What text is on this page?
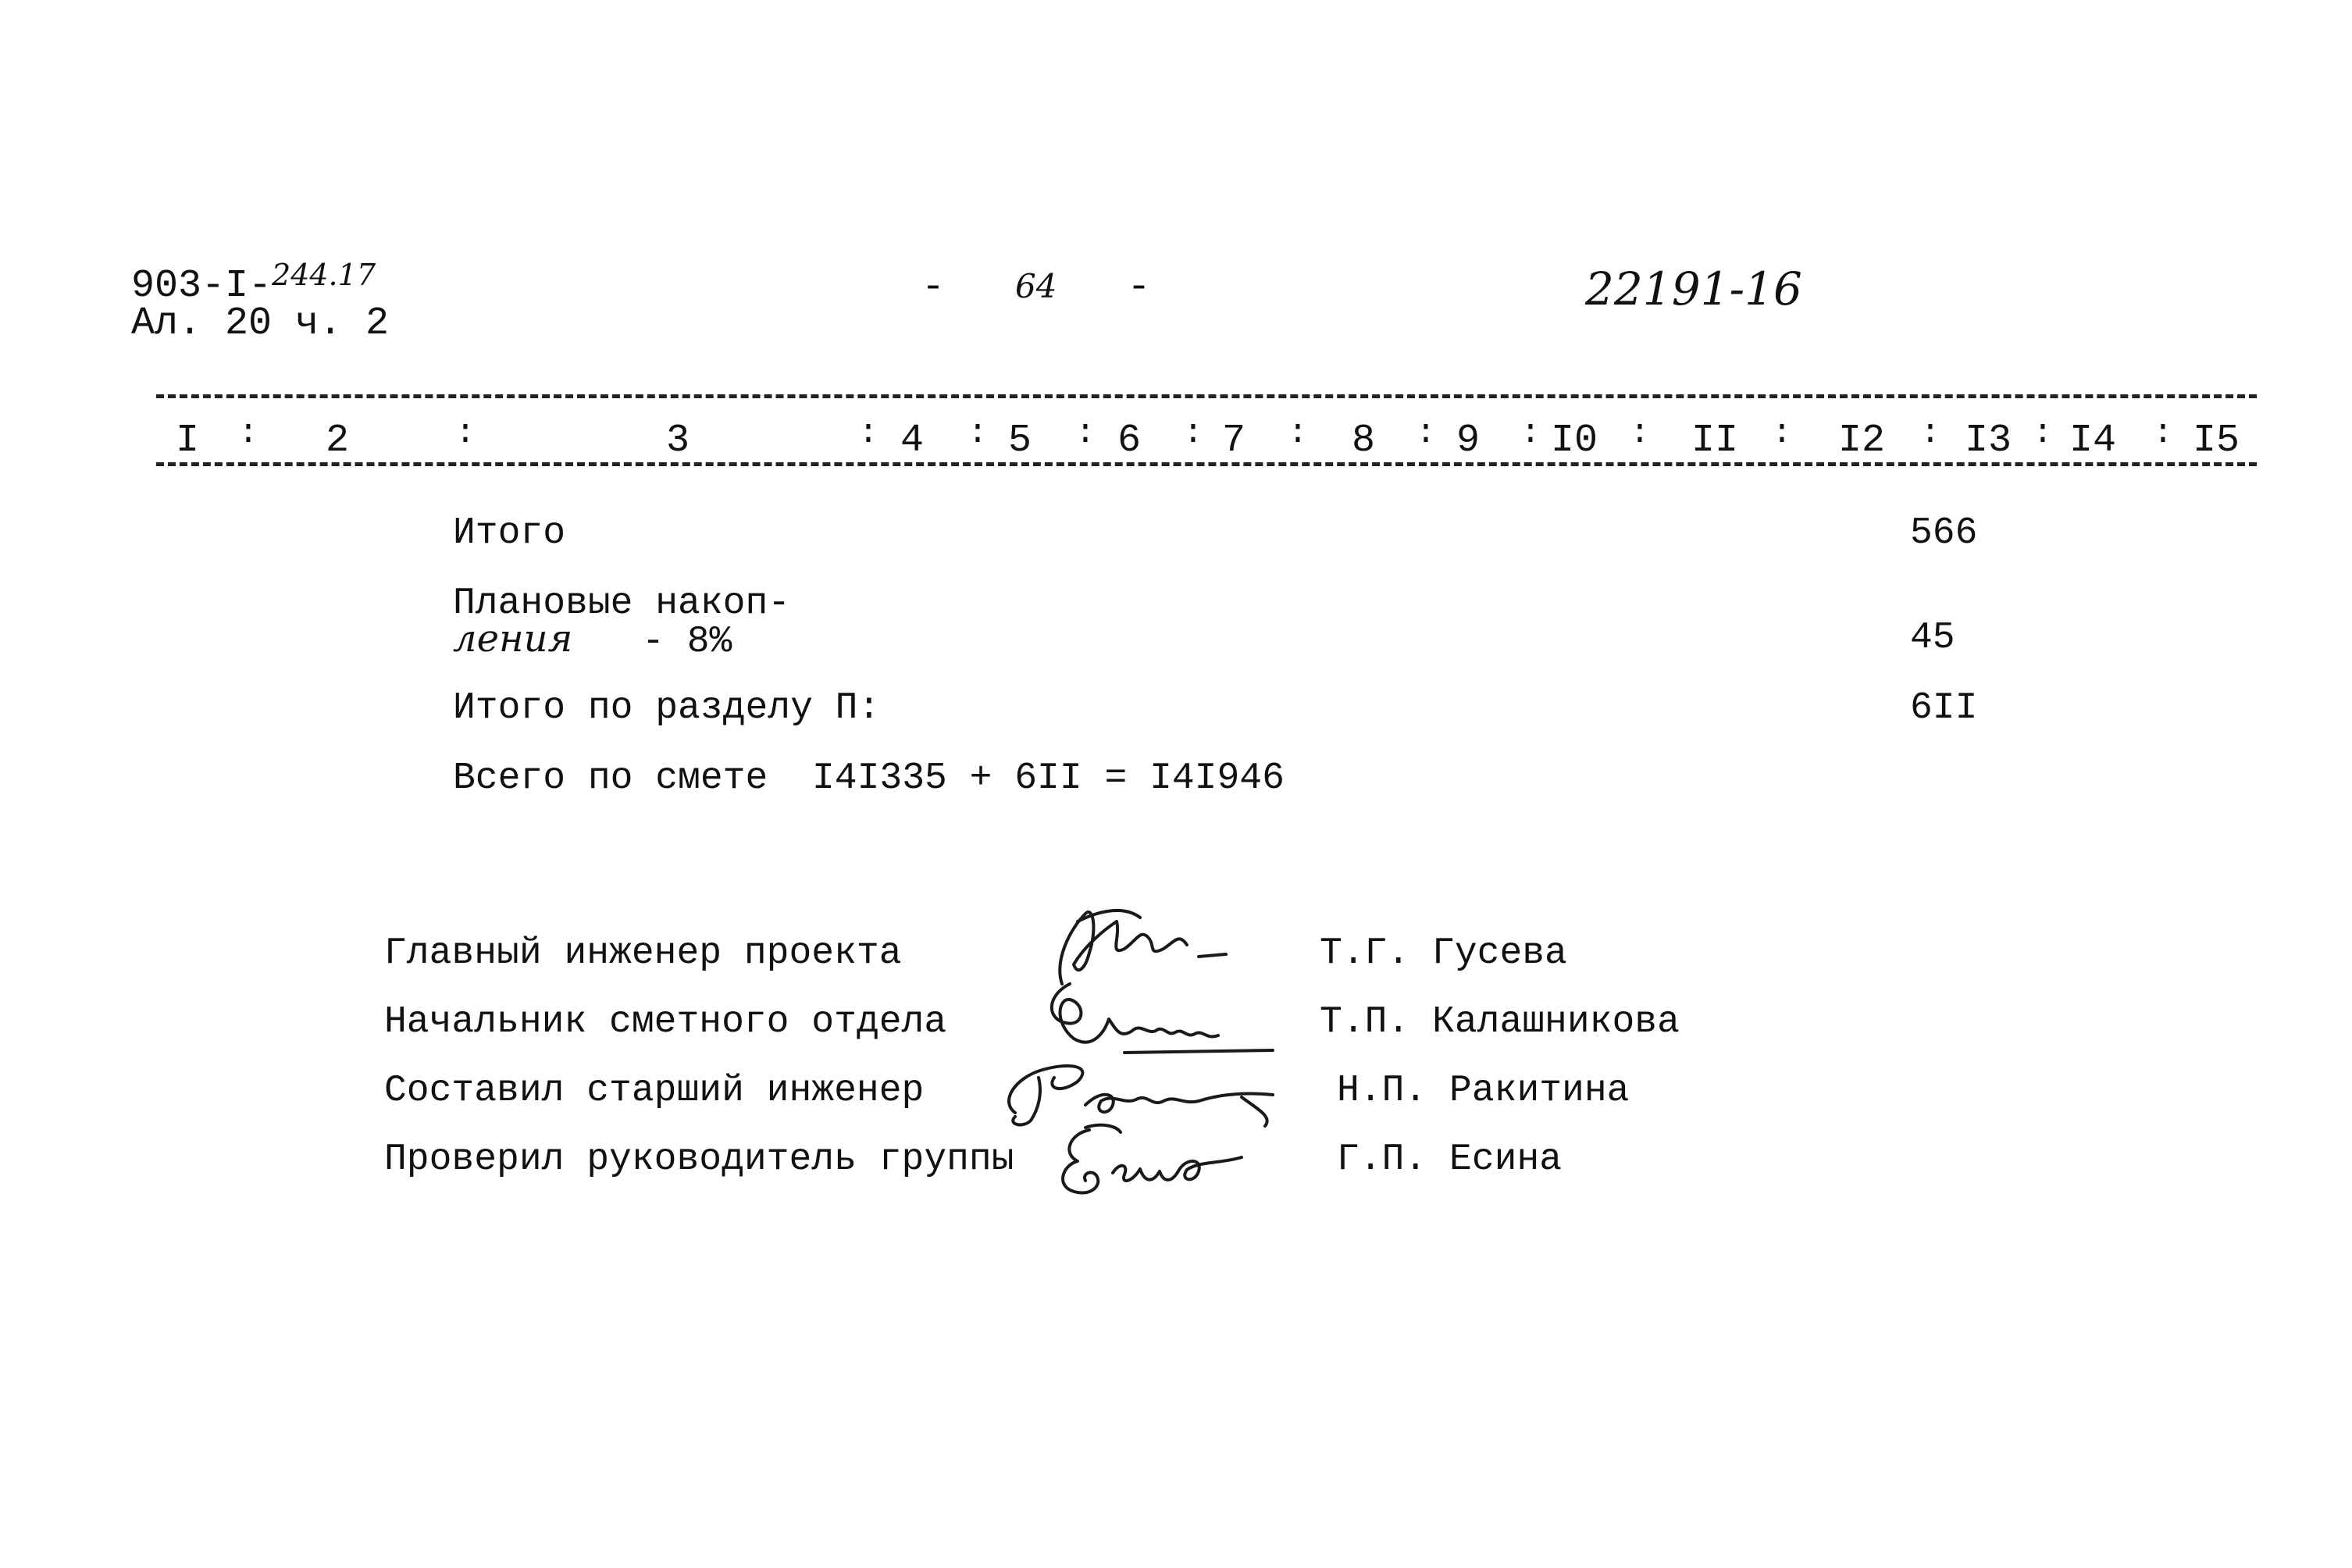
903-I-$^{244.17}$
Ал. 20 ч. 2
- 64 -	22191-16
I : 2	:	3	: 4 : 5 : 6 : 7 : 8 : 9 : I0 : II : I2 : I3 : I4 : I5
Итого	566
Плановые накоп-
ления - 8%	45
Итого по разделу П:	6II
Всего по смете I4I335 + 6II = I4I946
Главный инженер проекта	Т.Г. Гусева
Начальник сметного отдела	Т.П. Калашникова
Составил старший инженер	Н.П. Ракитина
Проверил руководитель группы	Г.П. Есина
